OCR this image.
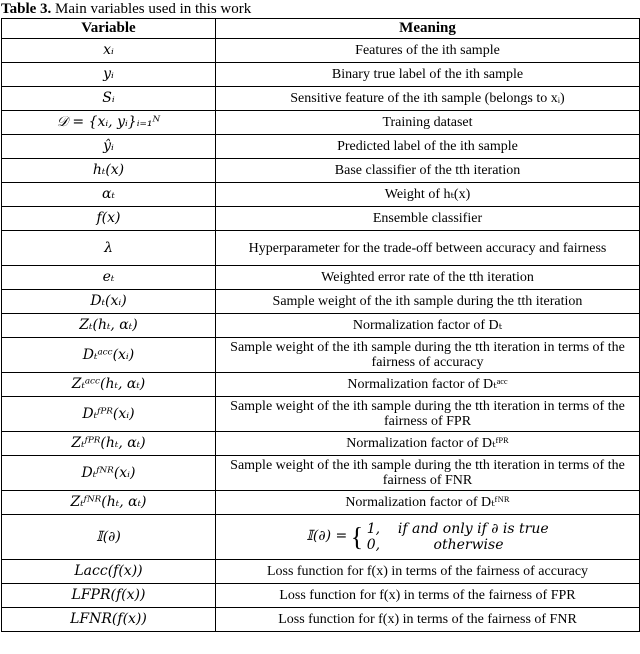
Table 3. Main variables used in this work
Variable	Meaning
xᵢ	Features of the ith sample
yᵢ	Binary true label of the ith sample
Sᵢ	Sensitive feature of the ith sample (belongs to xᵢ)
𝒟 = {xᵢ, yᵢ}ᵢ₌₁ᴺ	Training dataset
ŷᵢ	Predicted label of the ith sample
hₜ(x)	Base classifier of the tth iteration
αₜ	Weight of hₜ(x)
f(x)	Ensemble classifier
λ	Hyperparameter for the trade-off between accuracy and fairness
eₜ	Weighted error rate of the tth iteration
Dₜ(xᵢ)	Sample weight of the ith sample during the tth iteration
Zₜ(hₜ, αₜ)	Normalization factor of Dₜ
Dₜᵃᶜᶜ(xᵢ)	Sample weight of the ith sample during the tth iteration in terms of the fairness of accuracy
Zₜᵃᶜᶜ(hₜ, αₜ)	Normalization factor of Dₜᵃᶜᶜ
Dₜᶠᴾᴿ(xᵢ)	Sample weight of the ith sample during the tth iteration in terms of the fairness of FPR
Zₜᶠᴾᴿ(hₜ, αₜ)	Normalization factor of Dₜᶠᴾᴿ
Dₜᶠᴺᴿ(xᵢ)	Sample weight of the ith sample during the tth iteration in terms of the fairness of FNR
Zₜᶠᴺᴿ(hₜ, αₜ)	Normalization factor of Dₜᶠᴺᴿ
𝕀(∂)	𝕀(∂) = { 1,    if and only if ∂ is true
0,            otherwise

Lacc(f(x))	Loss function for f(x) in terms of the fairness of accuracy
LFPR(f(x))	Loss function for f(x) in terms of the fairness of FPR
LFNR(f(x))	Loss function for f(x) in terms of the fairness of FNR
